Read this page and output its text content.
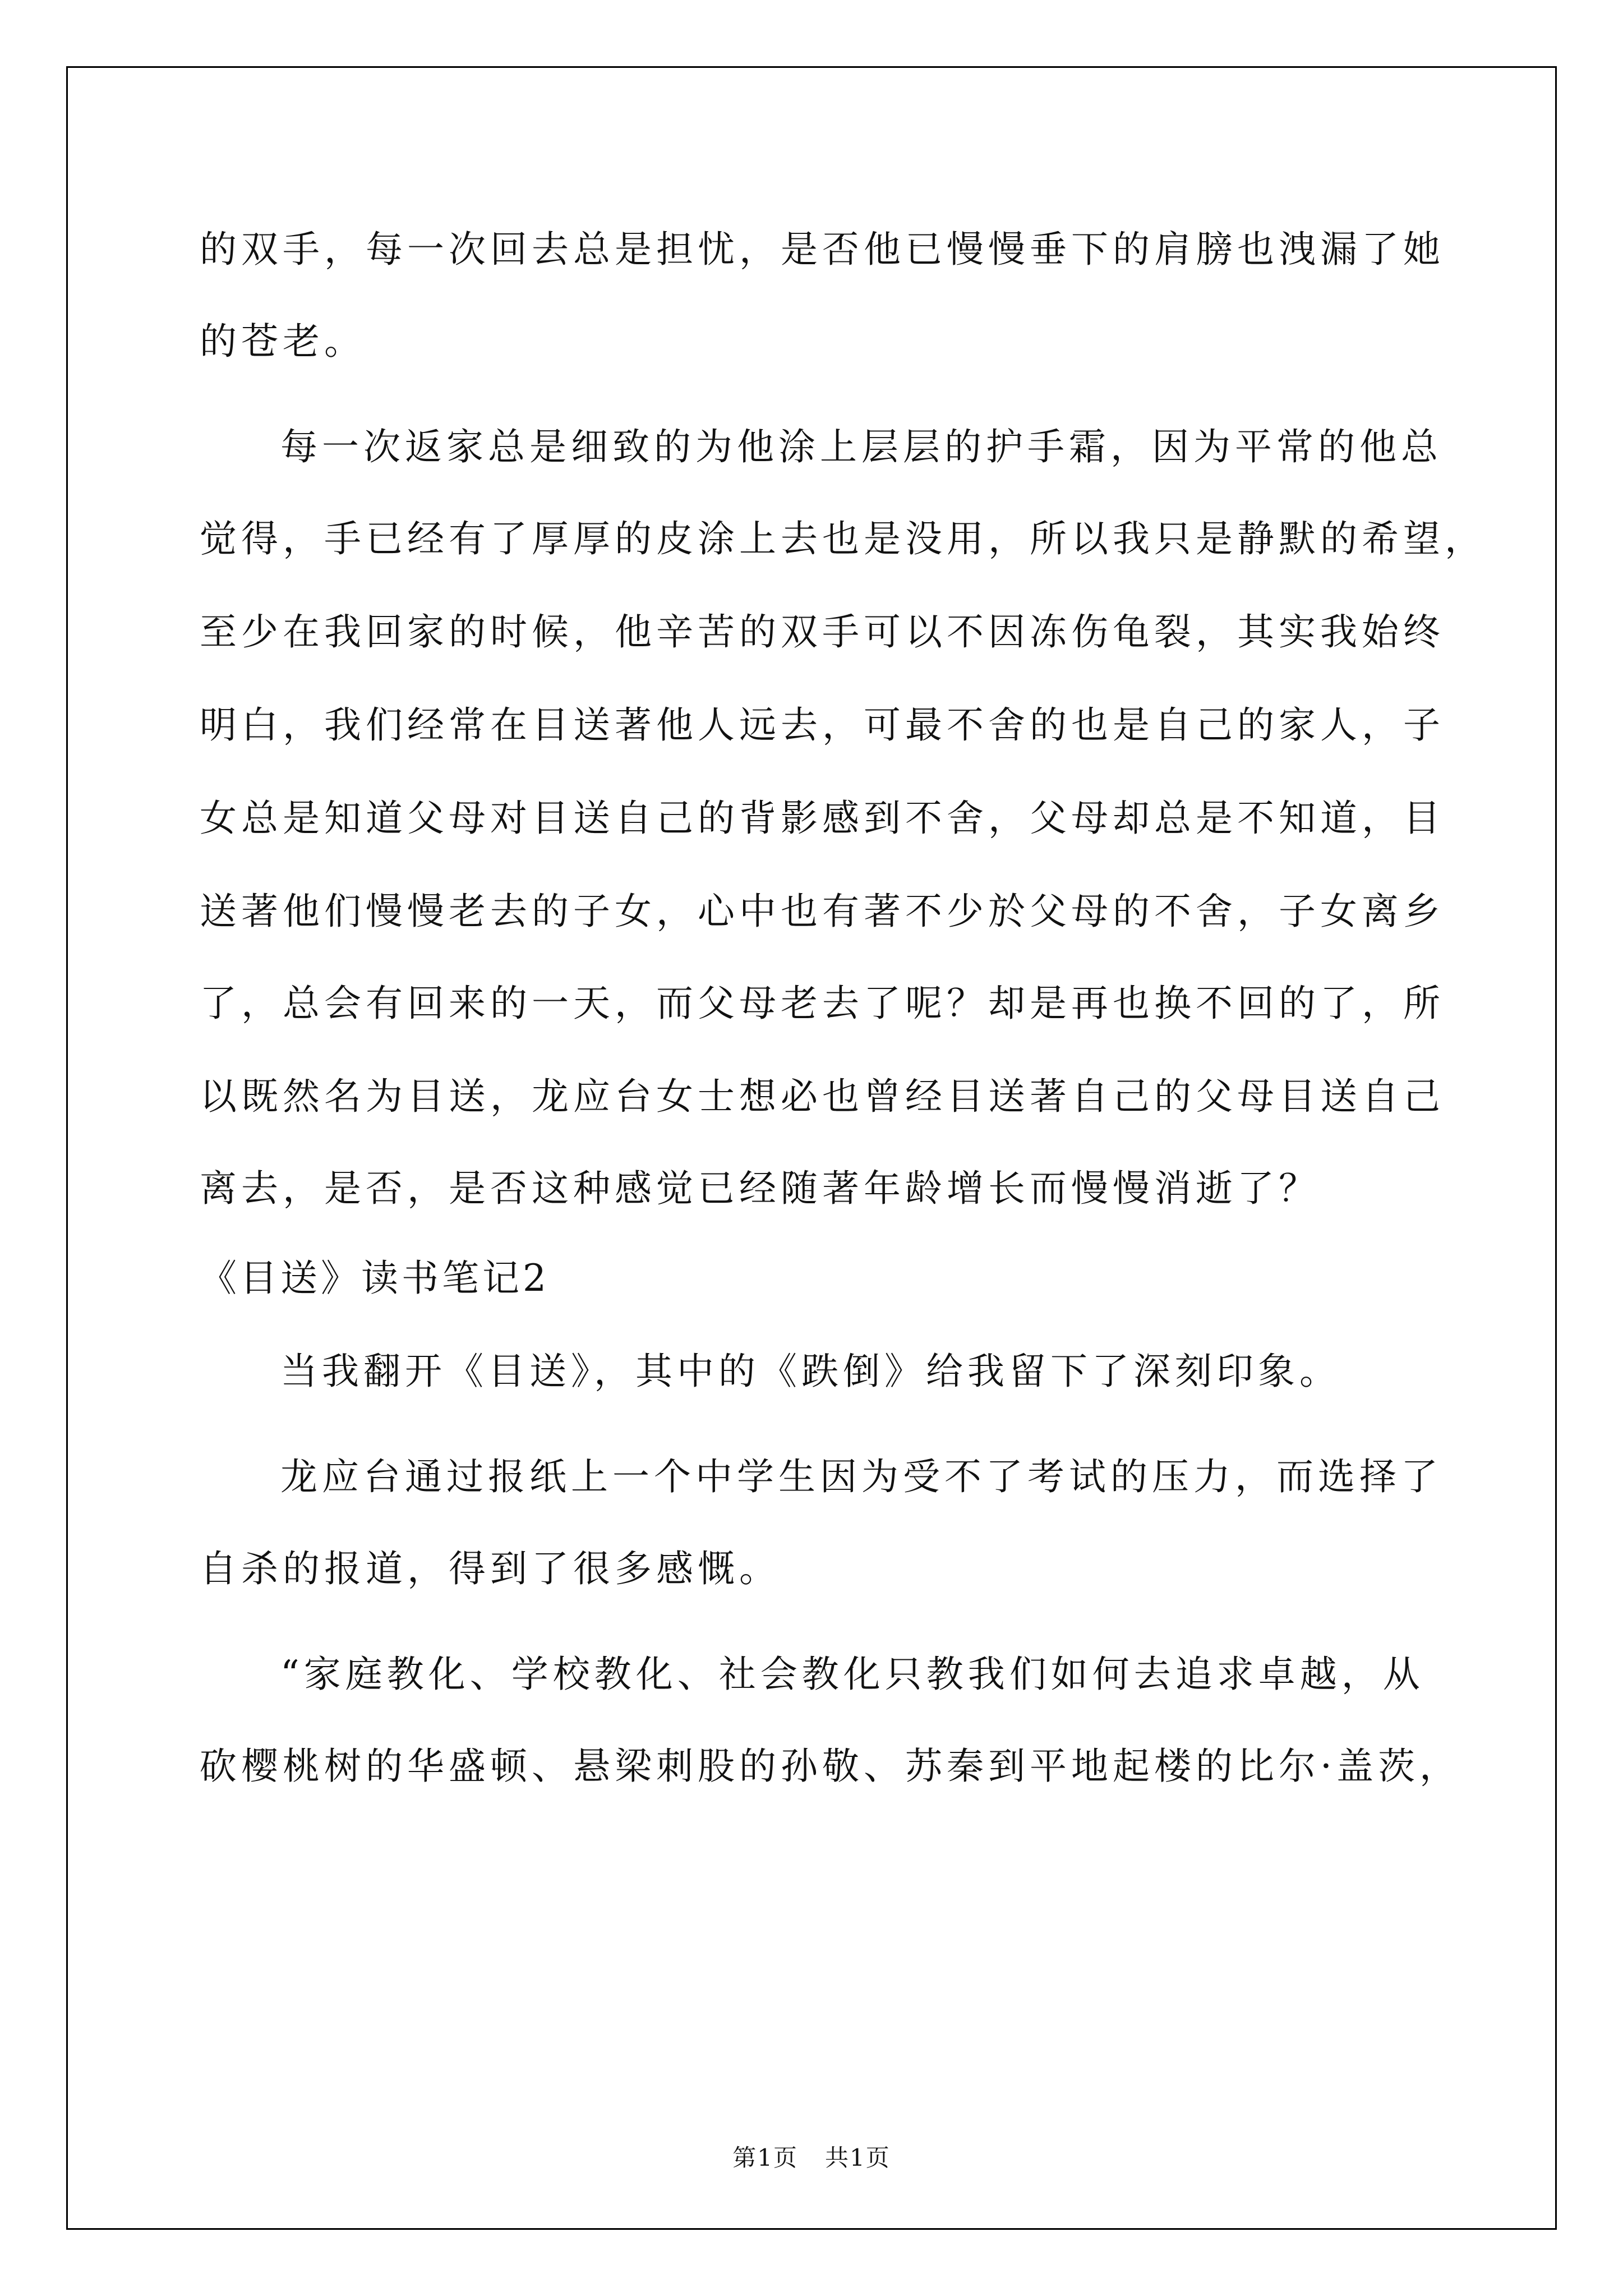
的双手，每一次回去总是担忧，是否他已慢慢垂下的肩膀也洩漏了她
的苍老。
每一次返家总是细致的为他涂上层层的护手霜，因为平常的他总
觉得，手已经有了厚厚的皮涂上去也是没用，所以我只是静默的希望，
至少在我回家的时候，他辛苦的双手可以不因冻伤龟裂，其实我始终
明白，我们经常在目送著他人远去，可最不舍的也是自己的家人，子
女总是知道父母对目送自己的背影感到不舍，父母却总是不知道，目
送著他们慢慢老去的子女，心中也有著不少於父母的不舍，子女离乡
了，总会有回来的一天，而父母老去了呢？却是再也换不回的了，所
以既然名为目送，龙应台女士想必也曾经目送著自己的父母目送自己
离去，是否，是否这种感觉已经随著年龄增长而慢慢消逝了？
《目送》读书笔记2
当我翻开《目送》，其中的《跌倒》给我留下了深刻印象。
龙应台通过报纸上一个中学生因为受不了考试的压力，而选择了
自杀的报道，得到了很多感慨。
“家庭教化、学校教化、社会教化只教我们如何去追求卓越，从
砍樱桃树的华盛顿、悬梁刺股的孙敬、苏秦到平地起楼的比尔·盖茨，
第1页 共1页
